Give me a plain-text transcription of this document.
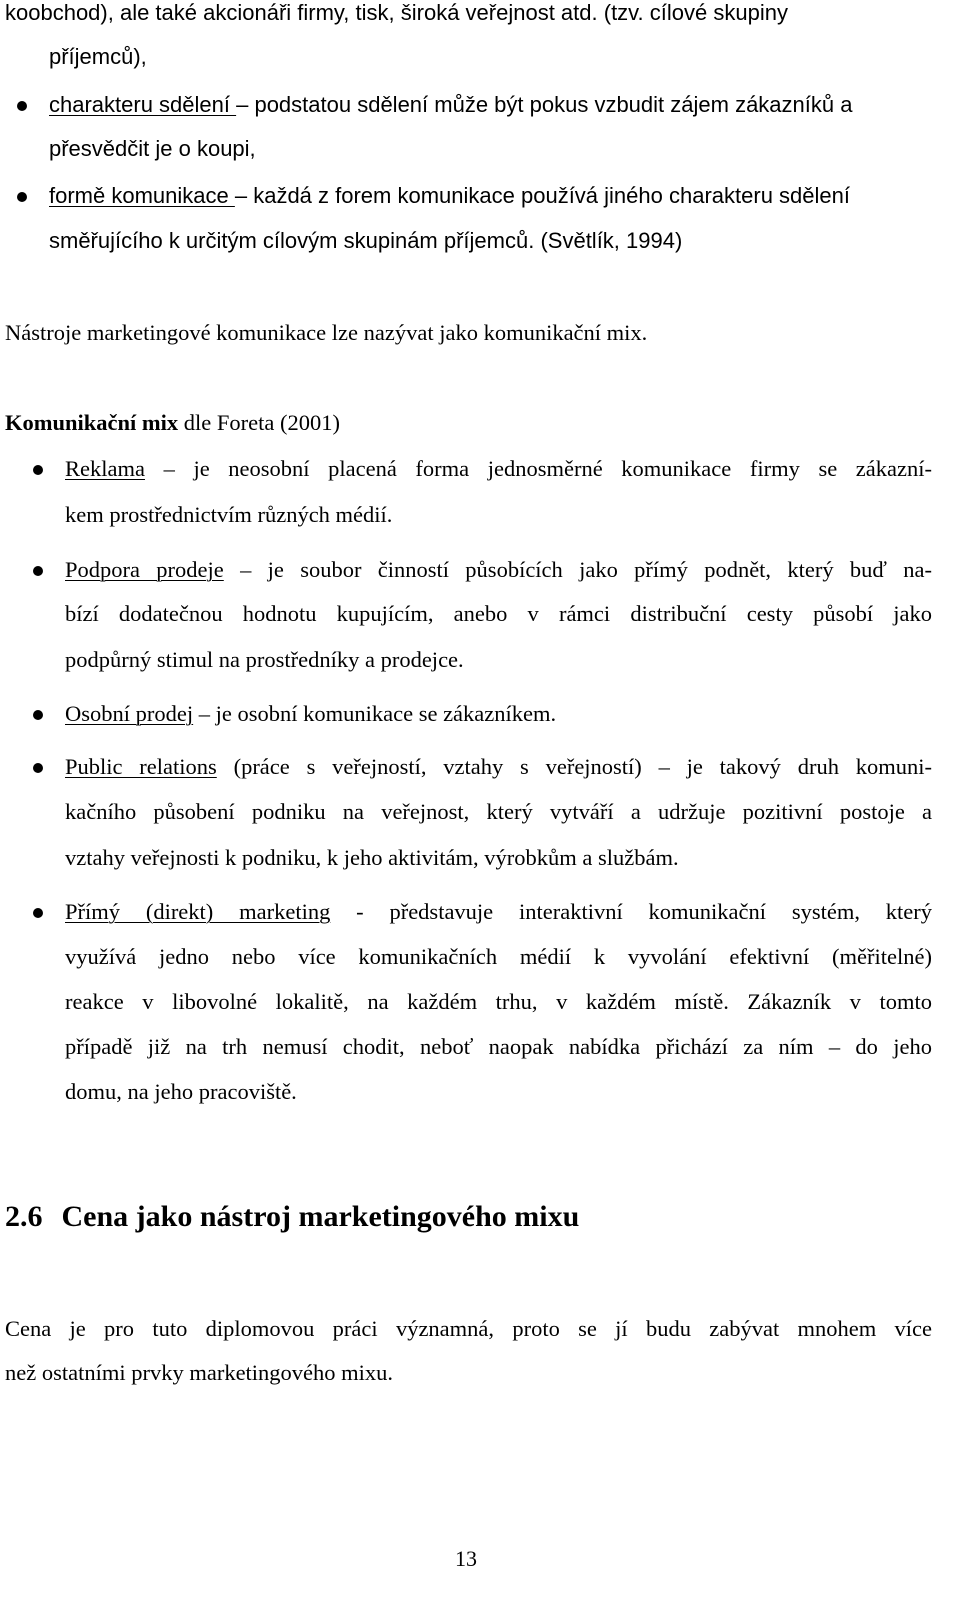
koobchod), ale také akcionáři firmy, tisk, široká veřejnost atd. (tzv. cílové skupiny
příjemců),
charakteru sdělení – podstatou sdělení může být pokus vzbudit zájem zákazníků a
přesvědčit je o koupi,
formě komunikace – každá z forem komunikace používá jiného charakteru sdělení
směřujícího k určitým cílovým skupinám příjemců. (Světlík, 1994)
Nástroje marketingové komunikace lze nazývat jako komunikační mix.
Komunikační mix dle Foreta (2001)
Reklama – je neosobní placená forma jednosměrné komunikace firmy se zákazní-
kem prostřednictvím různých médií.
Podpora prodeje – je soubor činností působících jako přímý podnět, který buď na-
bízí dodatečnou hodnotu kupujícím, anebo v rámci distribuční cesty působí jako
podpůrný stimul na prostředníky a prodejce.
Osobní prodej – je osobní komunikace se zákazníkem.
Public relations (práce s veřejností, vztahy s veřejností) – je takový druh komuni-
kačního působení podniku na veřejnost, který vytváří a udržuje pozitivní postoje a
vztahy veřejnosti k podniku, k jeho aktivitám, výrobkům a službám.
Přímý (direkt) marketing - představuje interaktivní komunikační systém, který
využívá jedno nebo více komunikačních médií k vyvolání efektivní (měřitelné)
reakce v libovolné lokalitě, na každém trhu, v každém místě. Zákazník v tomto
případě již na trh nemusí chodit, neboť naopak nabídka přichází za ním – do jeho
domu, na jeho pracoviště.
2.6 Cena jako nástroj marketingového mixu
Cena je pro tuto diplomovou práci významná, proto se jí budu zabývat mnohem více
než ostatními prvky marketingového mixu.
13
